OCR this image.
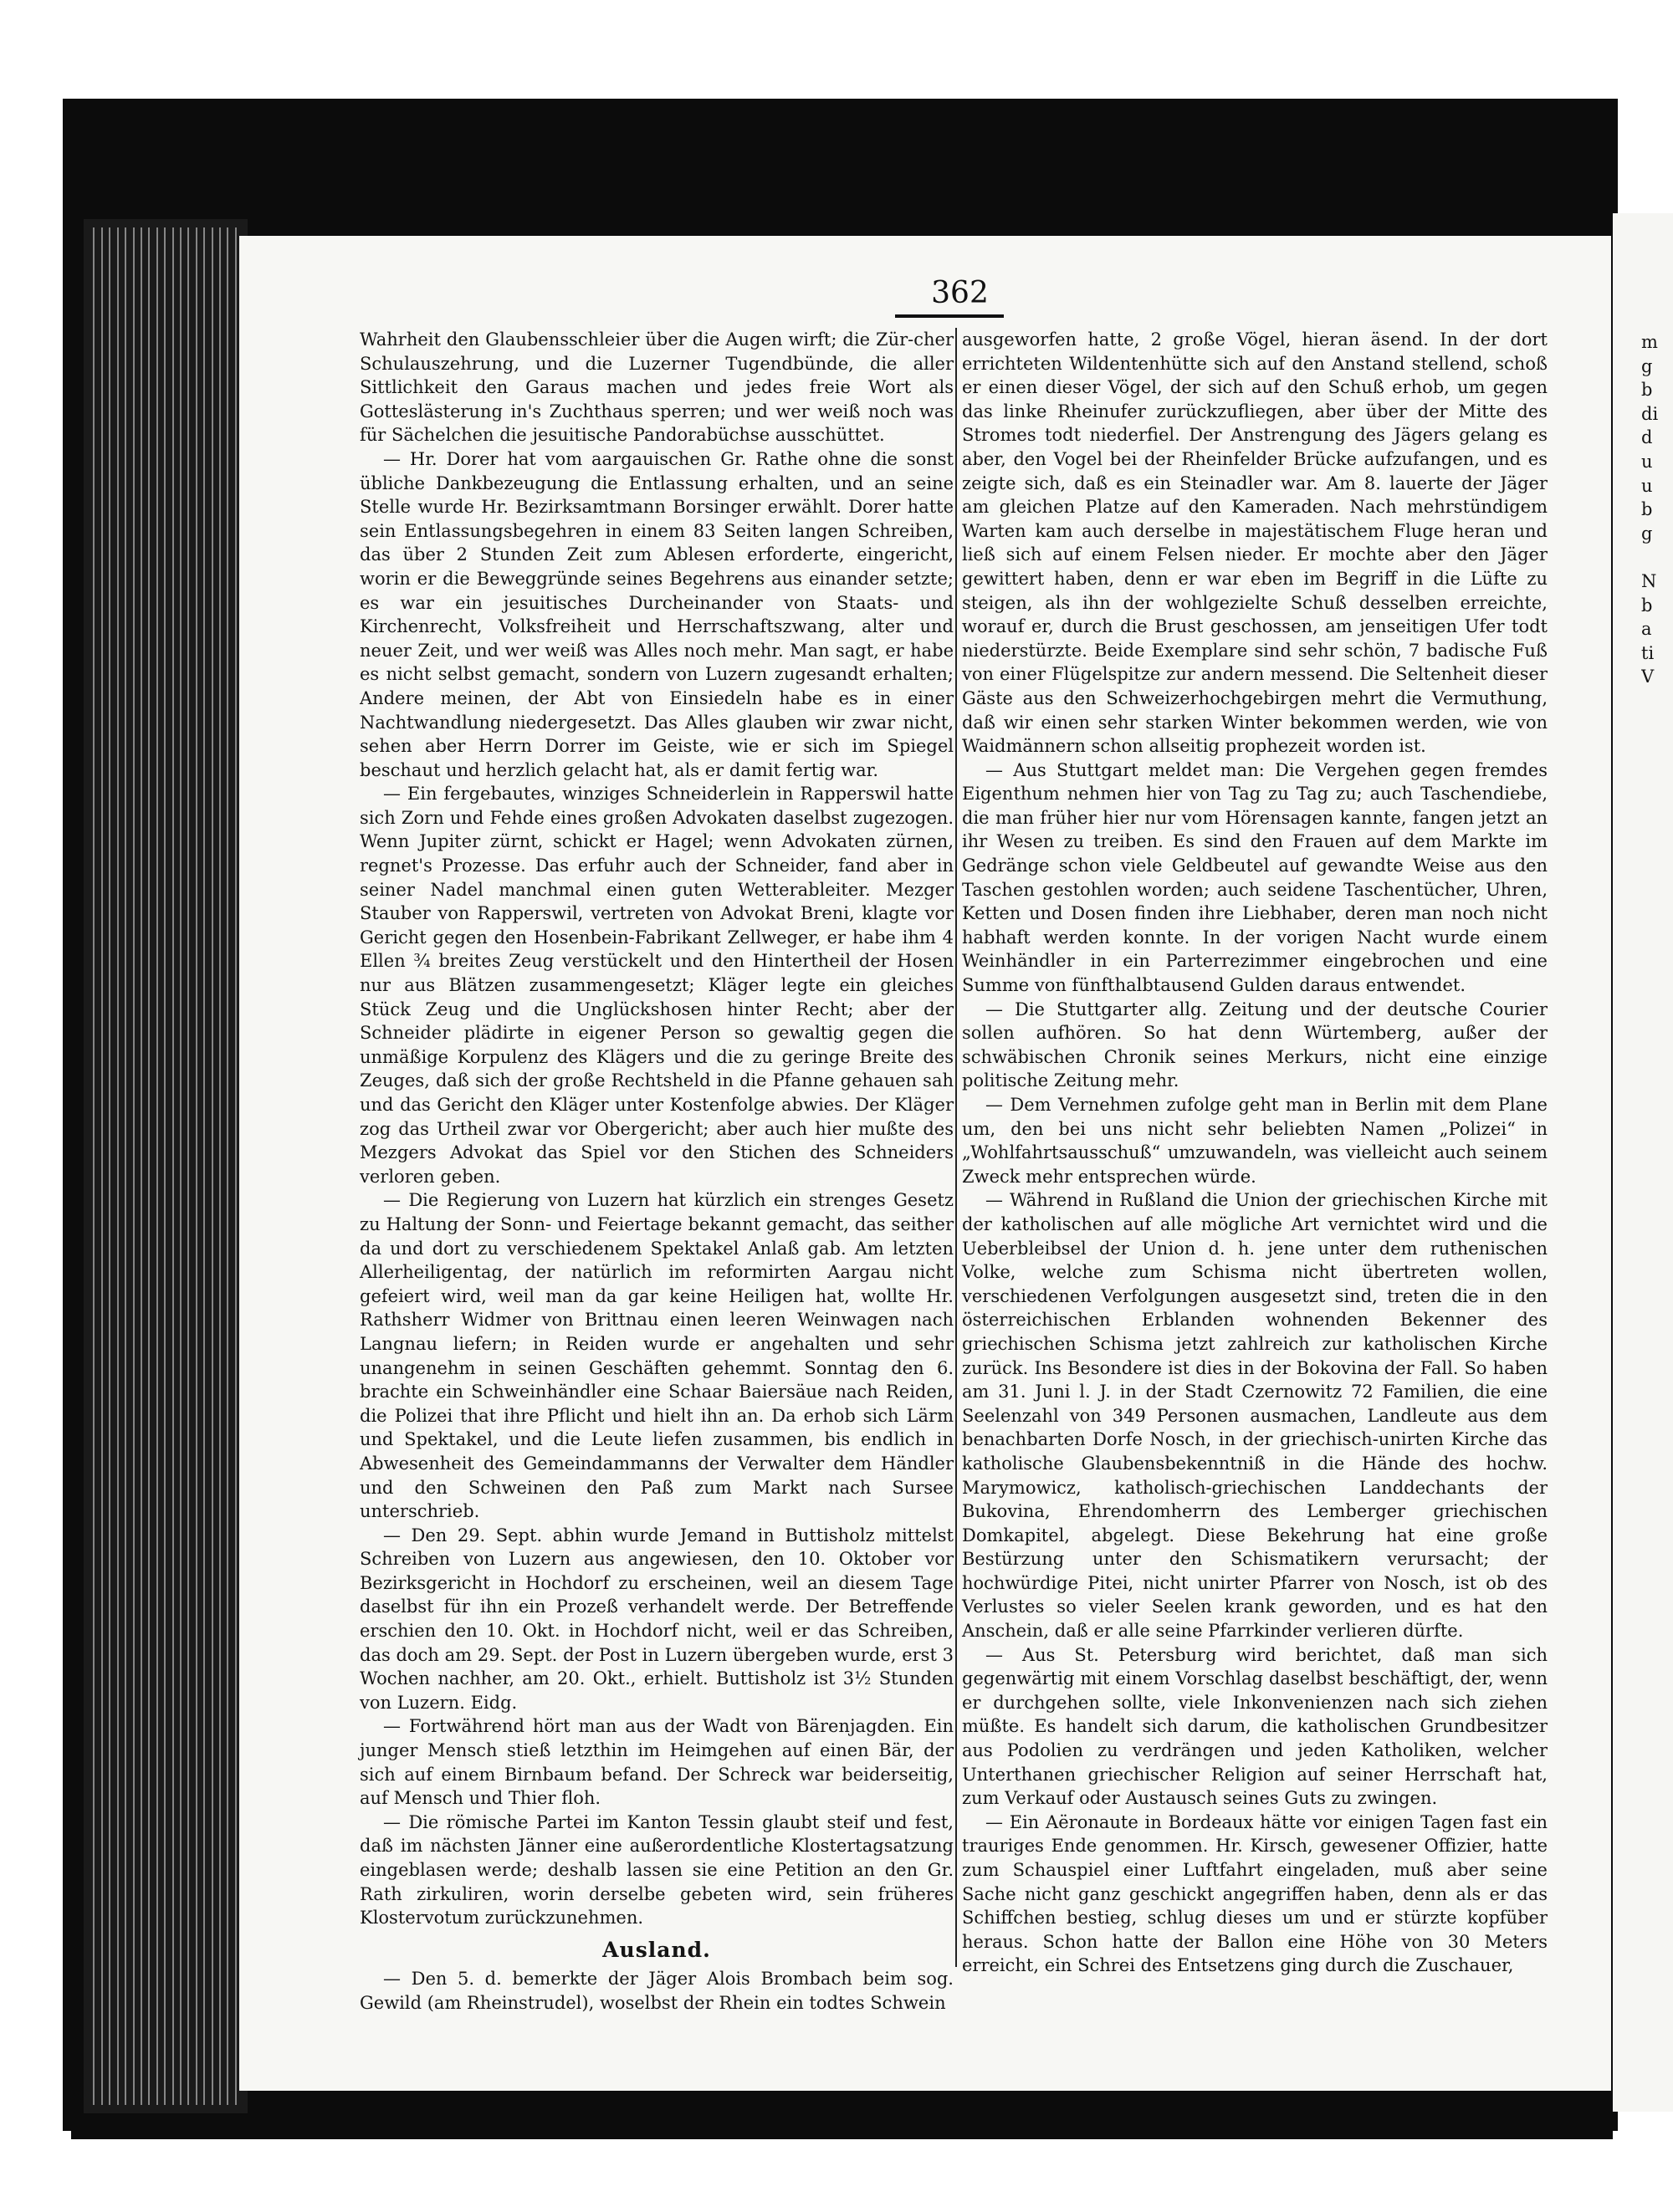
362

Wahrheit den Glaubensschleier über die Augen wirft; die Zür-cher Schulauszehrung, und die Luzerner Tugendbünde, die aller Sittlichkeit den Garaus machen und jedes freie Wort als Gotteslästerung in's Zuchthaus sperren; und wer weiß noch was für Sächelchen die jesuitische Pandorabüchse ausschüttet.

— Hr. Dorer hat vom aargauischen Gr. Rathe ohne die sonst übliche Dankbezeugung die Entlassung erhalten, und an seine Stelle wurde Hr. Bezirksamtmann Borsinger erwählt. Dorer hatte sein Entlassungsbegehren in einem 83 Seiten langen Schreiben, das über 2 Stunden Zeit zum Ablesen erforderte, eingericht, worin er die Beweggründe seines Begehrens aus einander setzte; es war ein jesuitisches Durcheinander von Staats- und Kirchenrecht, Volksfreiheit und Herrschaftszwang, alter und neuer Zeit, und wer weiß was Alles noch mehr. Man sagt, er habe es nicht selbst gemacht, sondern von Luzern zugesandt erhalten; Andere meinen, der Abt von Einsiedeln habe es in einer Nachtwandlung niedergesetzt. Das Alles glauben wir zwar nicht, sehen aber Herrn Dorrer im Geiste, wie er sich im Spiegel beschaut und herzlich gelacht hat, als er damit fertig war.

— Ein fergebautes, winziges Schneiderlein in Rapperswil hatte sich Zorn und Fehde eines großen Advokaten daselbst zugezogen. Wenn Jupiter zürnt, schickt er Hagel; wenn Advokaten zürnen, regnet's Prozesse. Das erfuhr auch der Schneider, fand aber in seiner Nadel manchmal einen guten Wetterableiter. Mezger Stauber von Rapperswil, vertreten von Advokat Breni, klagte vor Gericht gegen den Hosenbein-Fabrikant Zellweger, er habe ihm 4 Ellen ¾ breites Zeug verstückelt und den Hintertheil der Hosen nur aus Blätzen zusammengesetzt; Kläger legte ein gleiches Stück Zeug und die Unglückshosen hinter Recht; aber der Schneider plädirte in eigener Person so gewaltig gegen die unmäßige Korpulenz des Klägers und die zu geringe Breite des Zeuges, daß sich der große Rechtsheld in die Pfanne gehauen sah und das Gericht den Kläger unter Kostenfolge abwies. Der Kläger zog das Urtheil zwar vor Obergericht; aber auch hier mußte des Mezgers Advokat das Spiel vor den Stichen des Schneiders verloren geben.

— Die Regierung von Luzern hat kürzlich ein strenges Gesetz zu Haltung der Sonn- und Feiertage bekannt gemacht, das seither da und dort zu verschiedenem Spektakel Anlaß gab. Am letzten Allerheiligentag, der natürlich im reformirten Aargau nicht gefeiert wird, weil man da gar keine Heiligen hat, wollte Hr. Rathsherr Widmer von Brittnau einen leeren Weinwagen nach Langnau liefern; in Reiden wurde er angehalten und sehr unangenehm in seinen Geschäften gehemmt. Sonntag den 6. brachte ein Schweinhändler eine Schaar Baiersäue nach Reiden, die Polizei that ihre Pflicht und hielt ihn an. Da erhob sich Lärm und Spektakel, und die Leute liefen zusammen, bis endlich in Abwesenheit des Gemeindammanns der Verwalter dem Händler und den Schweinen den Paß zum Markt nach Sursee unterschrieb.

— Den 29. Sept. abhin wurde Jemand in Buttisholz mittelst Schreiben von Luzern aus angewiesen, den 10. Oktober vor Bezirksgericht in Hochdorf zu erscheinen, weil an diesem Tage daselbst für ihn ein Prozeß verhandelt werde. Der Betreffende erschien den 10. Okt. in Hochdorf nicht, weil er das Schreiben, das doch am 29. Sept. der Post in Luzern übergeben wurde, erst 3 Wochen nachher, am 20. Okt., erhielt. Buttisholz ist 3½ Stunden von Luzern. Eidg.

— Fortwährend hört man aus der Wadt von Bärenjagden. Ein junger Mensch stieß letzthin im Heimgehen auf einen Bär, der sich auf einem Birnbaum befand. Der Schreck war beiderseitig, auf Mensch und Thier floh.

— Die römische Partei im Kanton Tessin glaubt steif und fest, daß im nächsten Jänner eine außerordentliche Klostertagsatzung eingeblasen werde; deshalb lassen sie eine Petition an den Gr. Rath zirkuliren, worin derselbe gebeten wird, sein früheres Klostervotum zurückzunehmen.

Ausland.

— Den 5. d. bemerkte der Jäger Alois Brombach beim sog. Gewild (am Rheinstrudel), woselbst der Rhein ein todtes Schwein

ausgeworfen hatte, 2 große Vögel, hieran äsend. In der dort errichteten Wildentenhütte sich auf den Anstand stellend, schoß er einen dieser Vögel, der sich auf den Schuß erhob, um gegen das linke Rheinufer zurückzufliegen, aber über der Mitte des Stromes todt niederfiel. Der Anstrengung des Jägers gelang es aber, den Vogel bei der Rheinfelder Brücke aufzufangen, und es zeigte sich, daß es ein Steinadler war. Am 8. lauerte der Jäger am gleichen Platze auf den Kameraden. Nach mehrstündigem Warten kam auch derselbe in majestätischem Fluge heran und ließ sich auf einem Felsen nieder. Er mochte aber den Jäger gewittert haben, denn er war eben im Begriff in die Lüfte zu steigen, als ihn der wohlgezielte Schuß desselben erreichte, worauf er, durch die Brust geschossen, am jenseitigen Ufer todt niederstürzte. Beide Exemplare sind sehr schön, 7 badische Fuß von einer Flügelspitze zur andern messend. Die Seltenheit dieser Gäste aus den Schweizerhochgebirgen mehrt die Vermuthung, daß wir einen sehr starken Winter bekommen werden, wie von Waidmännern schon allseitig prophezeit worden ist.

— Aus Stuttgart meldet man: Die Vergehen gegen fremdes Eigenthum nehmen hier von Tag zu Tag zu; auch Taschendiebe, die man früher hier nur vom Hörensagen kannte, fangen jetzt an ihr Wesen zu treiben. Es sind den Frauen auf dem Markte im Gedränge schon viele Geldbeutel auf gewandte Weise aus den Taschen gestohlen worden; auch seidene Taschentücher, Uhren, Ketten und Dosen finden ihre Liebhaber, deren man noch nicht habhaft werden konnte. In der vorigen Nacht wurde einem Weinhändler in ein Parterrezimmer eingebrochen und eine Summe von fünfthalbtausend Gulden daraus entwendet.

— Die Stuttgarter allg. Zeitung und der deutsche Courier sollen aufhören. So hat denn Würtemberg, außer der schwäbischen Chronik seines Merkurs, nicht eine einzige politische Zeitung mehr.

— Dem Vernehmen zufolge geht man in Berlin mit dem Plane um, den bei uns nicht sehr beliebten Namen „Polizei“ in „Wohlfahrtsausschuß“ umzuwandeln, was vielleicht auch seinem Zweck mehr entsprechen würde.

— Während in Rußland die Union der griechischen Kirche mit der katholischen auf alle mögliche Art vernichtet wird und die Ueberbleibsel der Union d. h. jene unter dem ruthenischen Volke, welche zum Schisma nicht übertreten wollen, verschiedenen Verfolgungen ausgesetzt sind, treten die in den österreichischen Erblanden wohnenden Bekenner des griechischen Schisma jetzt zahlreich zur katholischen Kirche zurück. Ins Besondere ist dies in der Bokovina der Fall. So haben am 31. Juni l. J. in der Stadt Czernowitz 72 Familien, die eine Seelenzahl von 349 Personen ausmachen, Landleute aus dem benachbarten Dorfe Nosch, in der griechisch-unirten Kirche das katholische Glaubensbekenntniß in die Hände des hochw. Marymowicz, katholisch-griechischen Landdechants der Bukovina, Ehrendomherrn des Lemberger griechischen Domkapitel, abgelegt. Diese Bekehrung hat eine große Bestürzung unter den Schismatikern verursacht; der hochwürdige Pitei, nicht unirter Pfarrer von Nosch, ist ob des Verlustes so vieler Seelen krank geworden, und es hat den Anschein, daß er alle seine Pfarrkinder verlieren dürfte.

— Aus St. Petersburg wird berichtet, daß man sich gegenwärtig mit einem Vorschlag daselbst beschäftigt, der, wenn er durchgehen sollte, viele Inkonvenienzen nach sich ziehen müßte. Es handelt sich darum, die katholischen Grundbesitzer aus Podolien zu verdrängen und jeden Katholiken, welcher Unterthanen griechischer Religion auf seiner Herrschaft hat, zum Verkauf oder Austausch seines Guts zu zwingen.

— Ein Aëronaute in Bordeaux hätte vor einigen Tagen fast ein trauriges Ende genommen. Hr. Kirsch, gewesener Offizier, hatte zum Schauspiel einer Luftfahrt eingeladen, muß aber seine Sache nicht ganz geschickt angegriffen haben, denn als er das Schiffchen bestieg, schlug dieses um und er stürzte kopfüber heraus. Schon hatte der Ballon eine Höhe von 30 Meters erreicht, ein Schrei des Entsetzens ging durch die Zuschauer,

m
g
b
di
d
u
u
b
g
N
b
a
ti
V
